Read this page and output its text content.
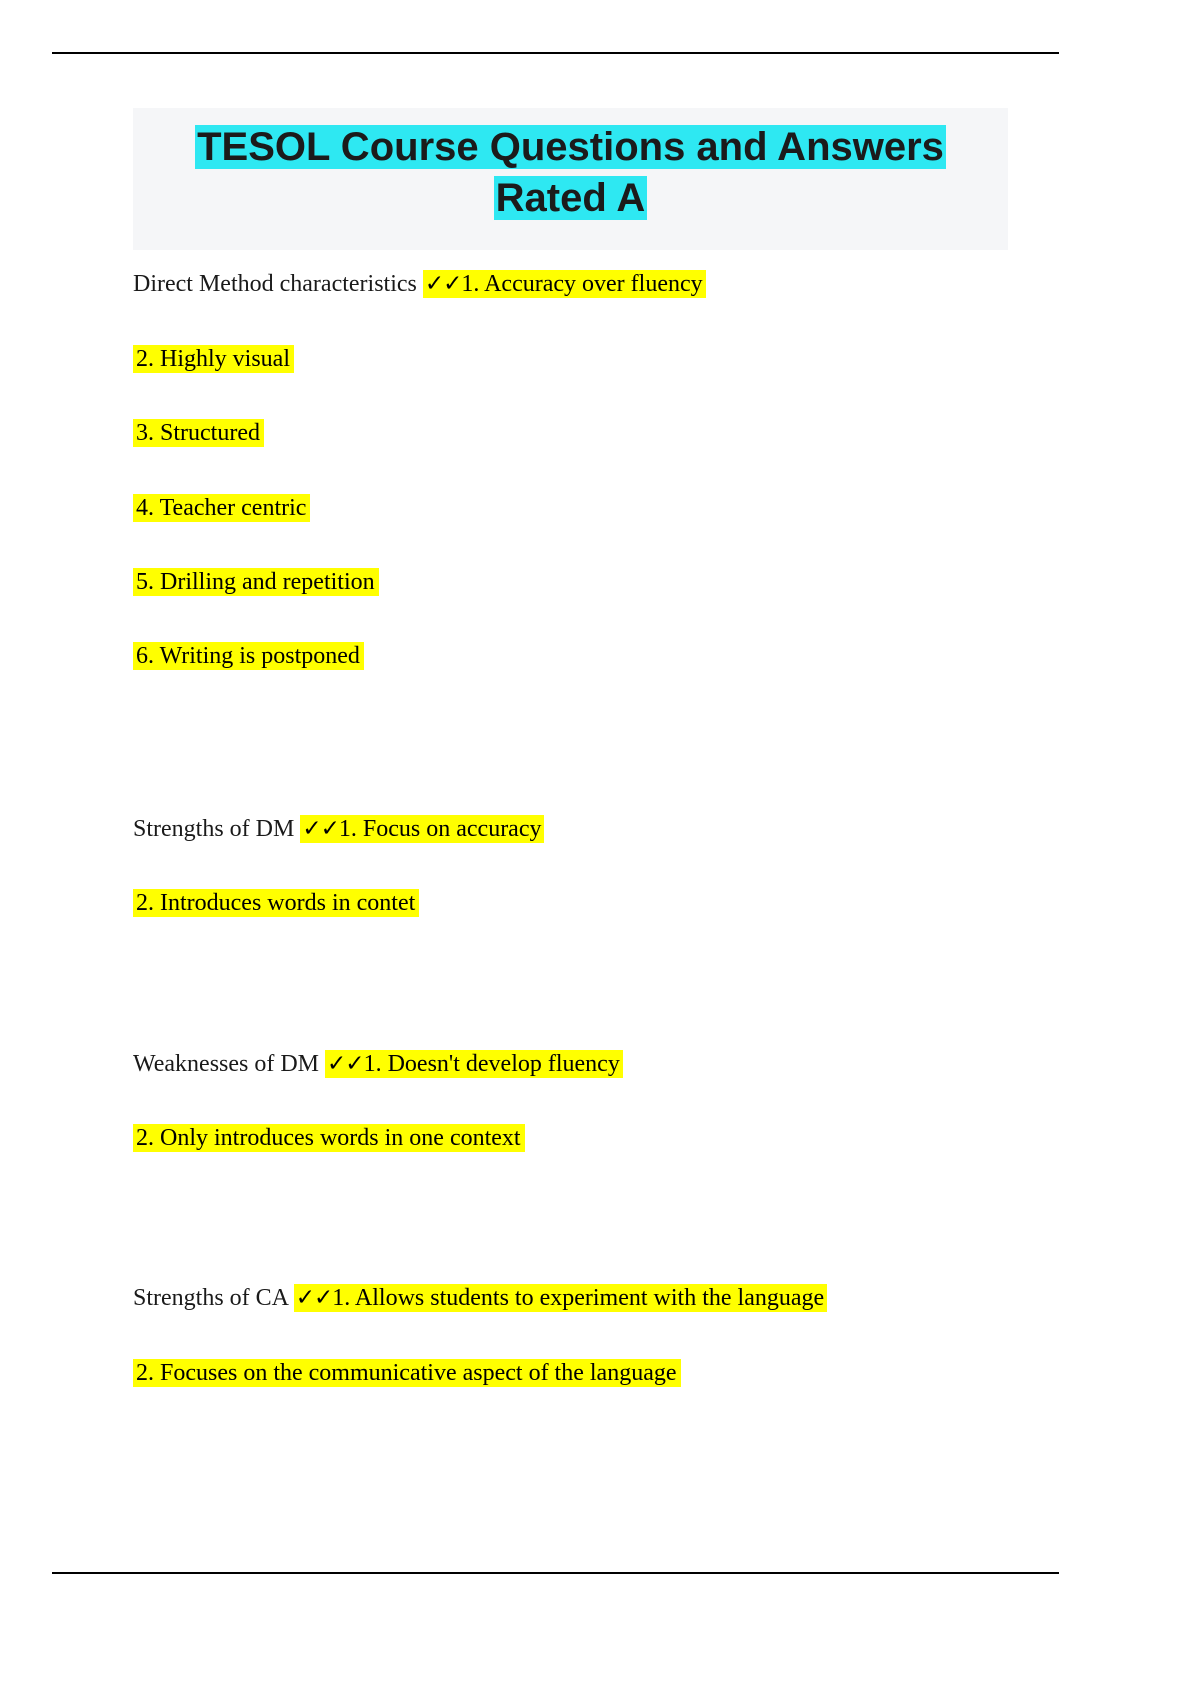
TESOL Course Questions and Answers
Rated A

Direct Method characteristics ✓✓1. Accuracy over fluency

2. Highly visual

3. Structured

4. Teacher centric

5. Drilling and repetition

6. Writing is postponed

Strengths of DM ✓✓1. Focus on accuracy

2. Introduces words in contet

Weaknesses of DM ✓✓1. Doesn't develop fluency

2. Only introduces words in one context

Strengths of CA ✓✓1. Allows students to experiment with the language

2. Focuses on the communicative aspect of the language
